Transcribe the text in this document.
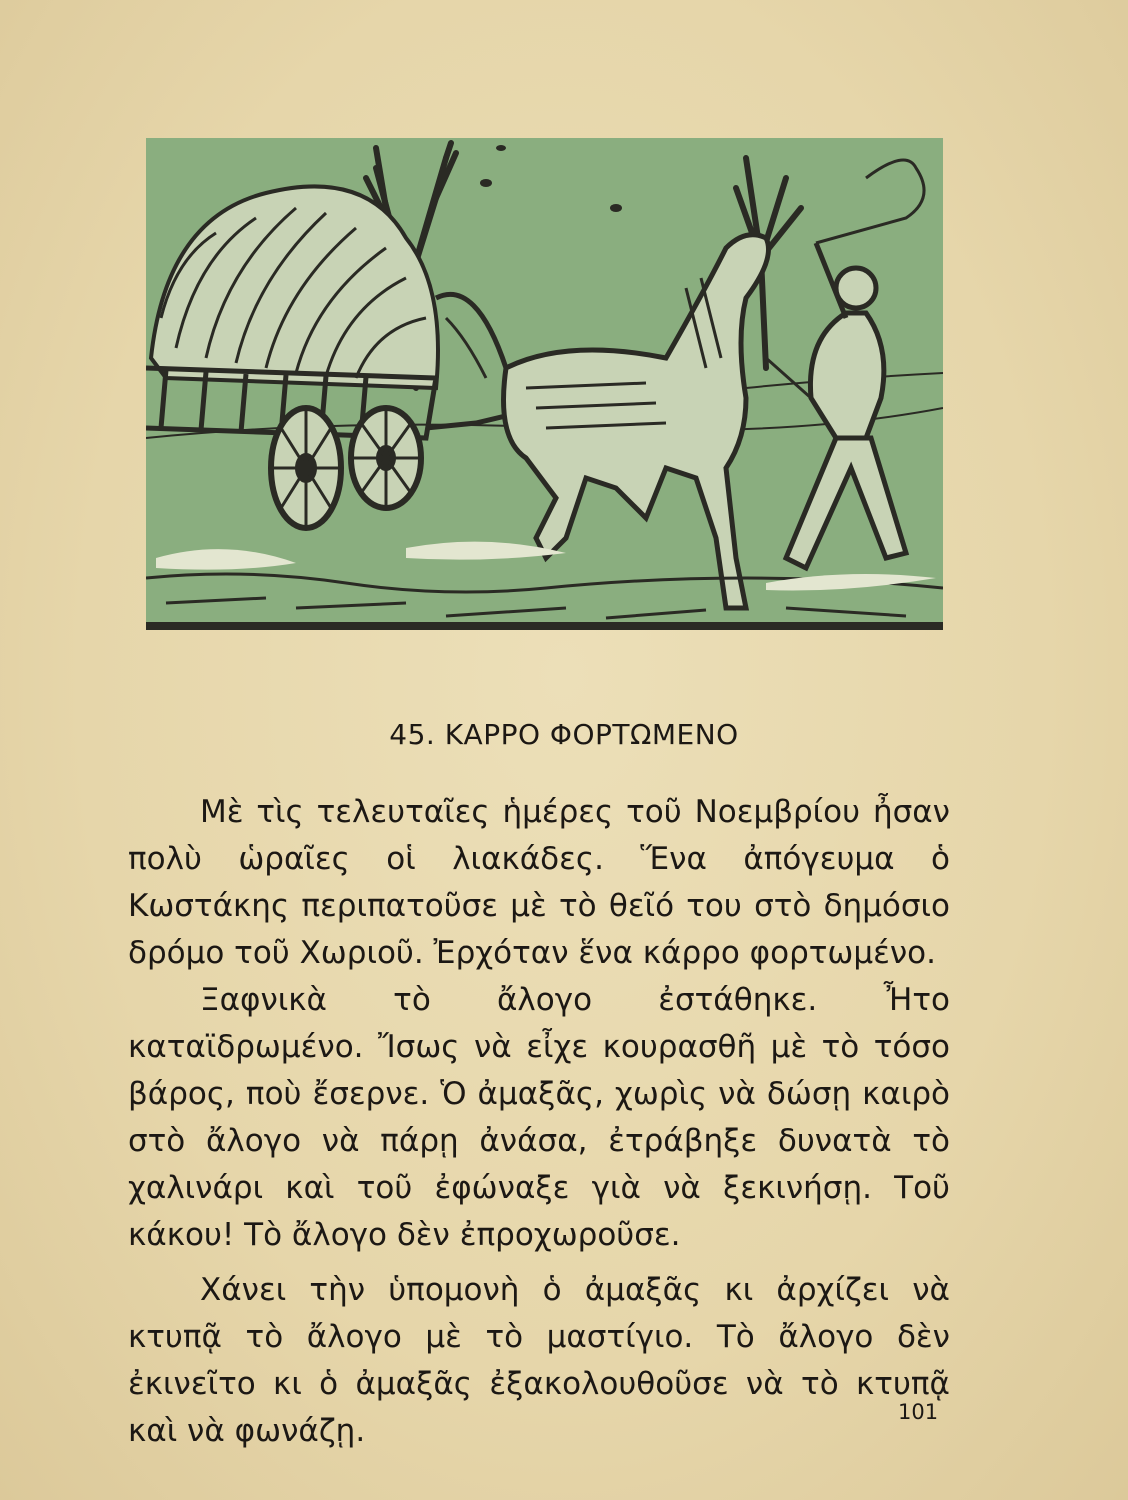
45. ΚΑΡΡΟ ΦΟΡΤΩΜΕΝΟ

Μὲ τὶς τελευταῖες ἡμέρες τοῦ Νοεμβρίου ἦσαν πολὺ ὡραῖες οἱ λιακάδες. Ἕνα ἀπόγευμα ὁ Κωστάκης περιπατοῦσε μὲ τὸ θεῖό του στὸ δημόσιο δρόμο τοῦ Χωριοῦ. Ἐρχόταν ἕνα κάρρο φορτωμένο.

Ξαφνικὰ τὸ ἄλογο ἐστάθηκε. Ἦτο καταϊδρωμένο. Ἴσως νὰ εἶχε κουρασθῆ μὲ τὸ τόσο βάρος, ποὺ ἔσερνε. Ὁ ἀμαξᾶς, χωρὶς νὰ δώσῃ καιρὸ στὸ ἄλογο νὰ πάρῃ ἀνάσα, ἐτράβηξε δυνατὰ τὸ χαλινάρι καὶ τοῦ ἐφώναξε γιὰ νὰ ξεκινήσῃ. Τοῦ κάκου! Τὸ ἄλογο δὲν ἐπροχωροῦσε.

Χάνει τὴν ὑπομονὴ ὁ ἀμαξᾶς κι ἀρχίζει νὰ κτυπᾷ τὸ ἄλογο μὲ τὸ μαστίγιο. Τὸ ἄλογο δὲν ἐκινεῖτο κι ὁ ἀμαξᾶς ἐξακολουθοῦσε νὰ τὸ κτυπᾷ καὶ νὰ φωνάζῃ.

101
